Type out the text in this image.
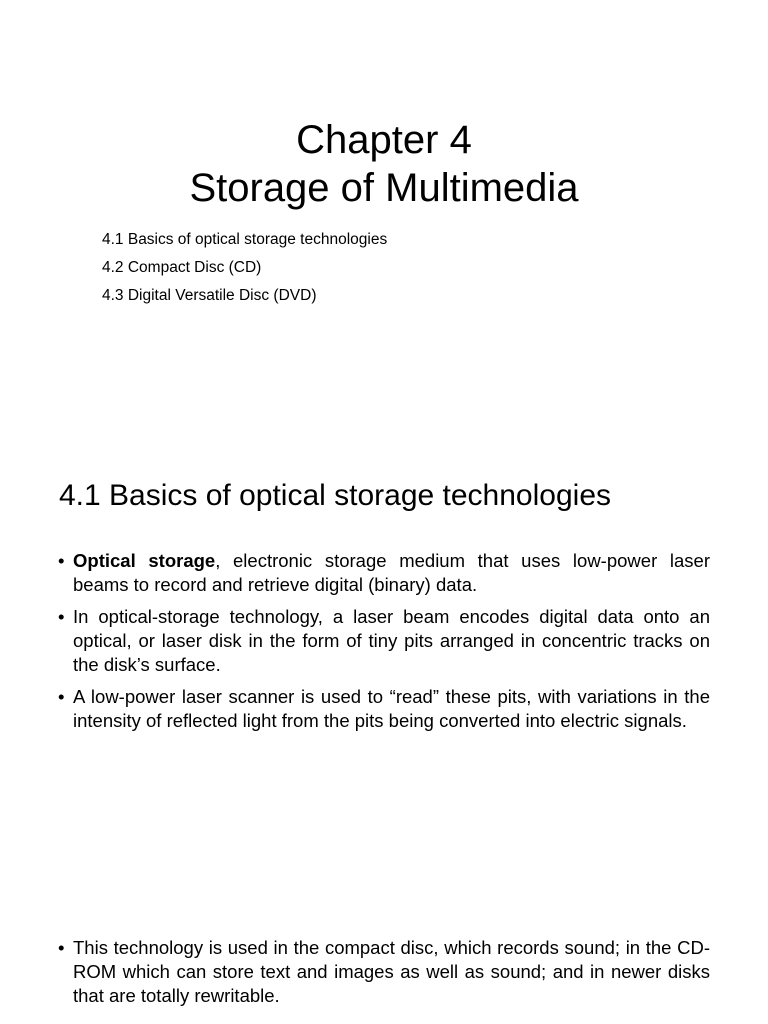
Chapter 4
Storage of Multimedia
4.1 Basics of optical storage technologies
4.2 Compact Disc (CD)
4.3 Digital Versatile Disc (DVD)
4.1 Basics of optical storage technologies
• Optical storage, electronic storage medium that uses low-power laser beams to record and retrieve digital (binary) data.
• In optical-storage technology, a laser beam encodes digital data onto an optical, or laser disk in the form of tiny pits arranged in concentric tracks on the disk’s surface.
• A low-power laser scanner is used to “read” these pits, with variations in the intensity of reflected light from the pits being converted into electric signals.
• This technology is used in the compact disc, which records sound; in the CD-ROM which can store text and images as well as sound; and in newer disks that are totally rewritable.
